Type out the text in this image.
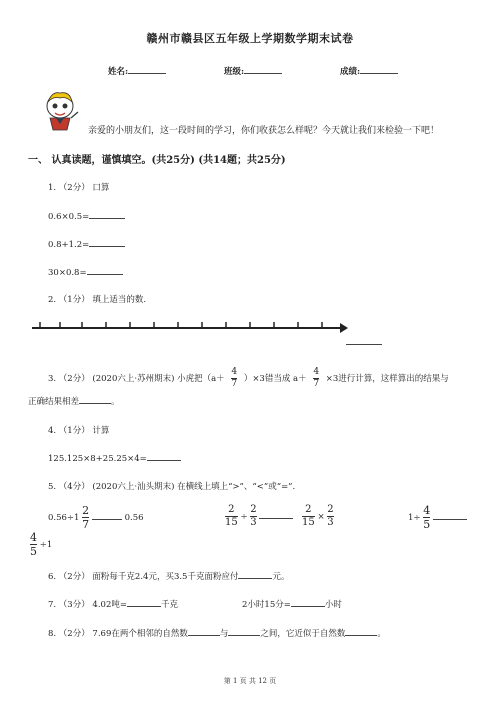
赣州市赣县区五年级上学期数学期末试卷
姓名:	班级:	成绩:
亲爱的小朋友们，这一段时间的学习，你们收获怎么样呢？今天就让我们来检验一下吧！
一、 认真读题，谨慎填空。(共25分) (共14题；共25分)
1. （2分） 口算
0.6×0.5=
0.8+1.2=
30×0.8=
2. （1分） 填上适当的数.
3. （2分） (2020六上·苏州期末) 小虎把$(a+ \frac{4}{7} )\times 3$错当成 $a+ \frac{4}{7} \times 3$进行计算，这样算出的结果与
正确结果相差	。
4. （1分） 计算
125.125×8+25.25×4=
5. （4分） (2020六上·汕头期末) 在横线上填上“>”、“<”或“=”.
$0.56\div 1 \frac{2}{7}$	0.56	$\frac{2}{15} \div \frac{2}{3}$
	$\frac{2}{15} \times \frac{2}{3}$	$1\div \frac{4}{5}$

$\frac{4}{5} \div 1$
6. （2分） 面粉每千克2.4元，买3.5千克面粉应付	元。
7. （3分） 4.02吨=	千克	2小时15分=	小时
8. （2分） 7.69在两个相邻的自然数	与	之间，它近似于自然数	。
第 1 页 共 12 页
